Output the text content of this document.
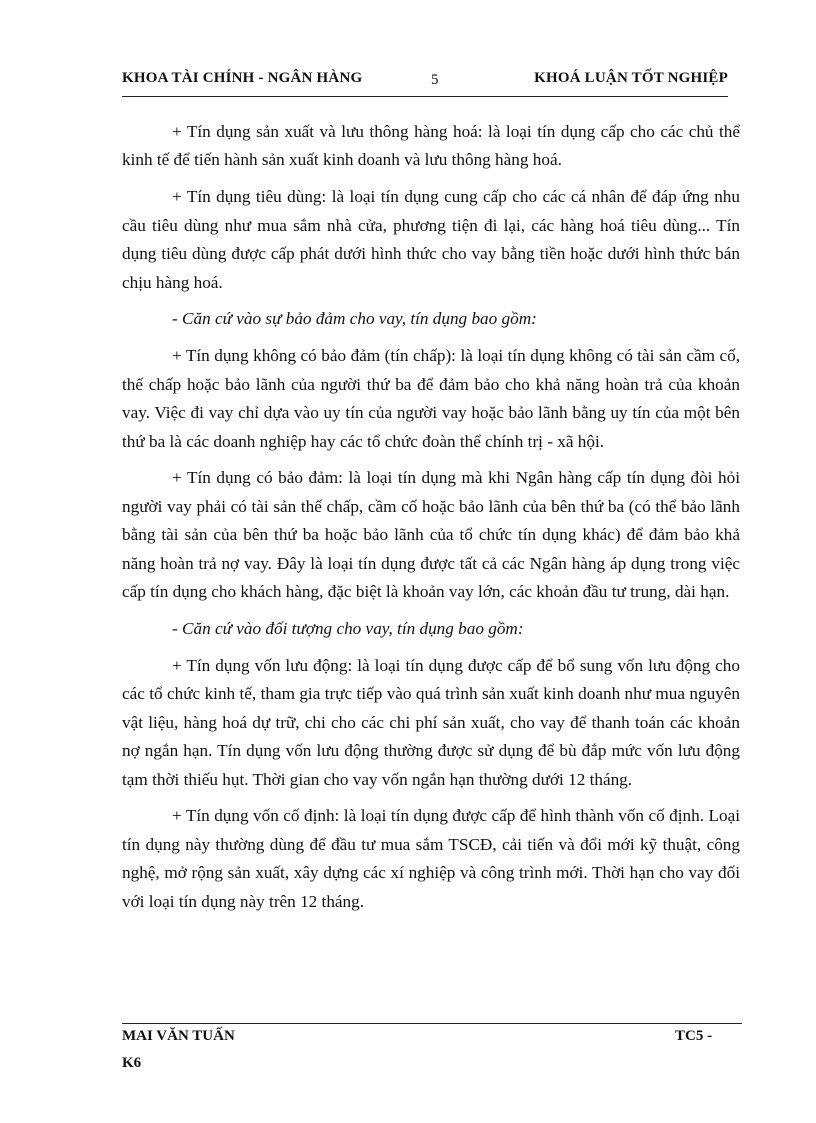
KHOA TÀI CHÍNH - NGÂN HÀNG	5	KHOÁ LUẬN TỐT NGHIỆP

+ Tín dụng sản xuất và lưu thông hàng hoá: là loại tín dụng cấp cho các chủ thể kinh tế để tiến hành sản xuất kinh doanh và lưu thông hàng hoá.

+ Tín dụng tiêu dùng: là loại tín dụng cung cấp cho các cá nhân để đáp ứng nhu cầu tiêu dùng như mua sắm nhà cửa, phương tiện đi lại, các hàng hoá tiêu dùng... Tín dụng tiêu dùng được cấp phát dưới hình thức cho vay bằng tiền hoặc dưới hình thức bán chịu hàng hoá.

- Căn cứ vào sự bảo đảm cho vay, tín dụng bao gồm:

+ Tín dụng không có bảo đảm (tín chấp): là loại tín dụng không có tài sản cầm cố, thế chấp hoặc bảo lãnh của người thứ ba để đảm bảo cho khả năng hoàn trả của khoản vay. Việc đi vay chỉ dựa vào uy tín của người vay hoặc bảo lãnh bằng uy tín của một bên thứ ba là các doanh nghiệp hay các tổ chức đoàn thể chính trị - xã hội.

+ Tín dụng có bảo đảm: là loại tín dụng mà khi Ngân hàng cấp tín dụng đòi hỏi người vay phải có tài sản thế chấp, cầm cố hoặc bảo lãnh của bên thứ ba (có thể bảo lãnh bằng tài sản của bên thứ ba hoặc bảo lãnh của tổ chức tín dụng khác) để đảm bảo khả năng hoàn trả nợ vay. Đây là loại tín dụng được tất cả các Ngân hàng áp dụng trong việc cấp tín dụng cho khách hàng, đặc biệt là khoản vay lớn, các khoản đầu tư trung, dài hạn.

- Căn cứ vào đối tượng cho vay, tín dụng bao gồm:

+ Tín dụng vốn lưu động: là loại tín dụng được cấp để bổ sung vốn lưu động cho các tổ chức kinh tế, tham gia trực tiếp vào quá trình sản xuất kinh doanh như mua nguyên vật liệu, hàng hoá dự trữ, chi cho các chi phí sản xuất, cho vay để thanh toán các khoản nợ ngắn hạn. Tín dụng vốn lưu động thường được sử dụng để bù đắp mức vốn lưu động tạm thời thiếu hụt. Thời gian cho vay vốn ngắn hạn thường dưới 12 tháng.

+ Tín dụng vốn cố định: là loại tín dụng được cấp để hình thành vốn cố định. Loại tín dụng này thường dùng để đầu tư mua sắm TSCĐ, cải tiến và đổi mới kỹ thuật, công nghệ, mở rộng sản xuất, xây dựng các xí nghiệp và công trình mới. Thời hạn cho vay đối với loại tín dụng này trên 12 tháng.

MAI VĂN TUẤN	TC5 -
K6
